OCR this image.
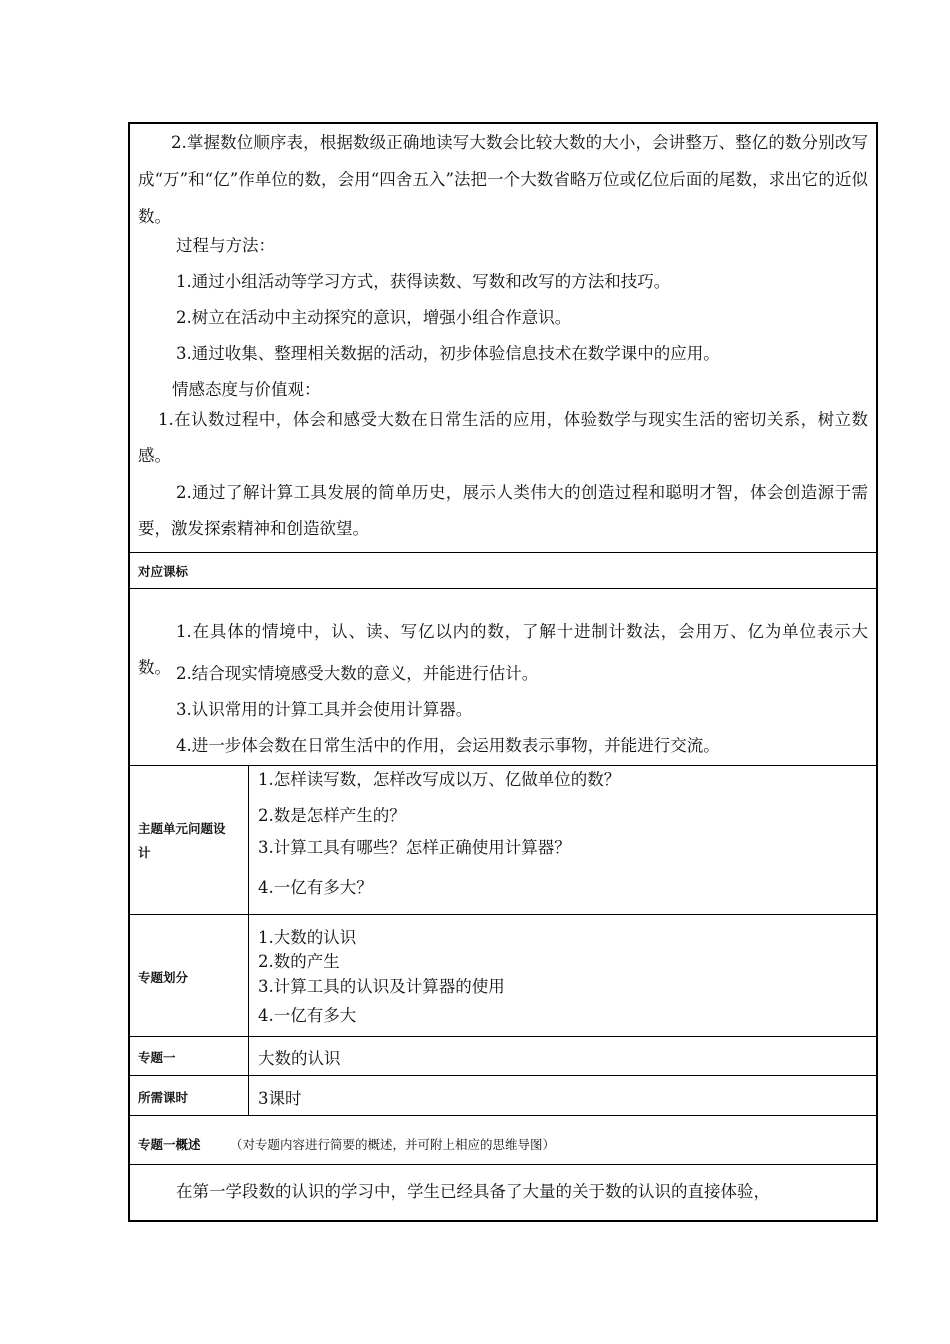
2.掌握数位顺序表，根据数级正确地读写大数会比较大数的大小，会讲整万、整亿的数分别改写成“万”和“亿”作单位的数，会用“四舍五入”法把一个大数省略万位或亿位后面的尾数，求出它的近似数。
过程与方法：
1.通过小组活动等学习方式，获得读数、写数和改写的方法和技巧。
2.树立在活动中主动探究的意识，增强小组合作意识。
3.通过收集、整理相关数据的活动，初步体验信息技术在数学课中的应用。
情感态度与价值观：
1.在认数过程中，体会和感受大数在日常生活的应用，体验数学与现实生活的密切关系，树立数感。
2.通过了解计算工具发展的简单历史，展示人类伟大的创造过程和聪明才智，体会创造源于需要，激发探索精神和创造欲望。
对应课标
1.在具体的情境中，认、读、写亿以内的数，了解十进制计数法，会用万、亿为单位表示大数。 2.结合现实情境感受大数的意义，并能进行估计。
3.认识常用的计算工具并会使用计算器。
4.进一步体会数在日常生活中的作用，会运用数表示事物，并能进行交流。
主题单元问题设
计
1.怎样读写数，怎样改写成以万、亿做单位的数？
2.数是怎样产生的？
3.计算工具有哪些？怎样正确使用计算器？
4.一亿有多大？
专题划分
1.大数的认识
2.数的产生
3.计算工具的认识及计算器的使用
4.一亿有多大
专题一	大数的认识
所需课时	3课时
专题一概述 （对专题内容进行简要的概述，并可附上相应的思维导图）
在第一学段数的认识的学习中，学生已经具备了大量的关于数的认识的直接体验，
